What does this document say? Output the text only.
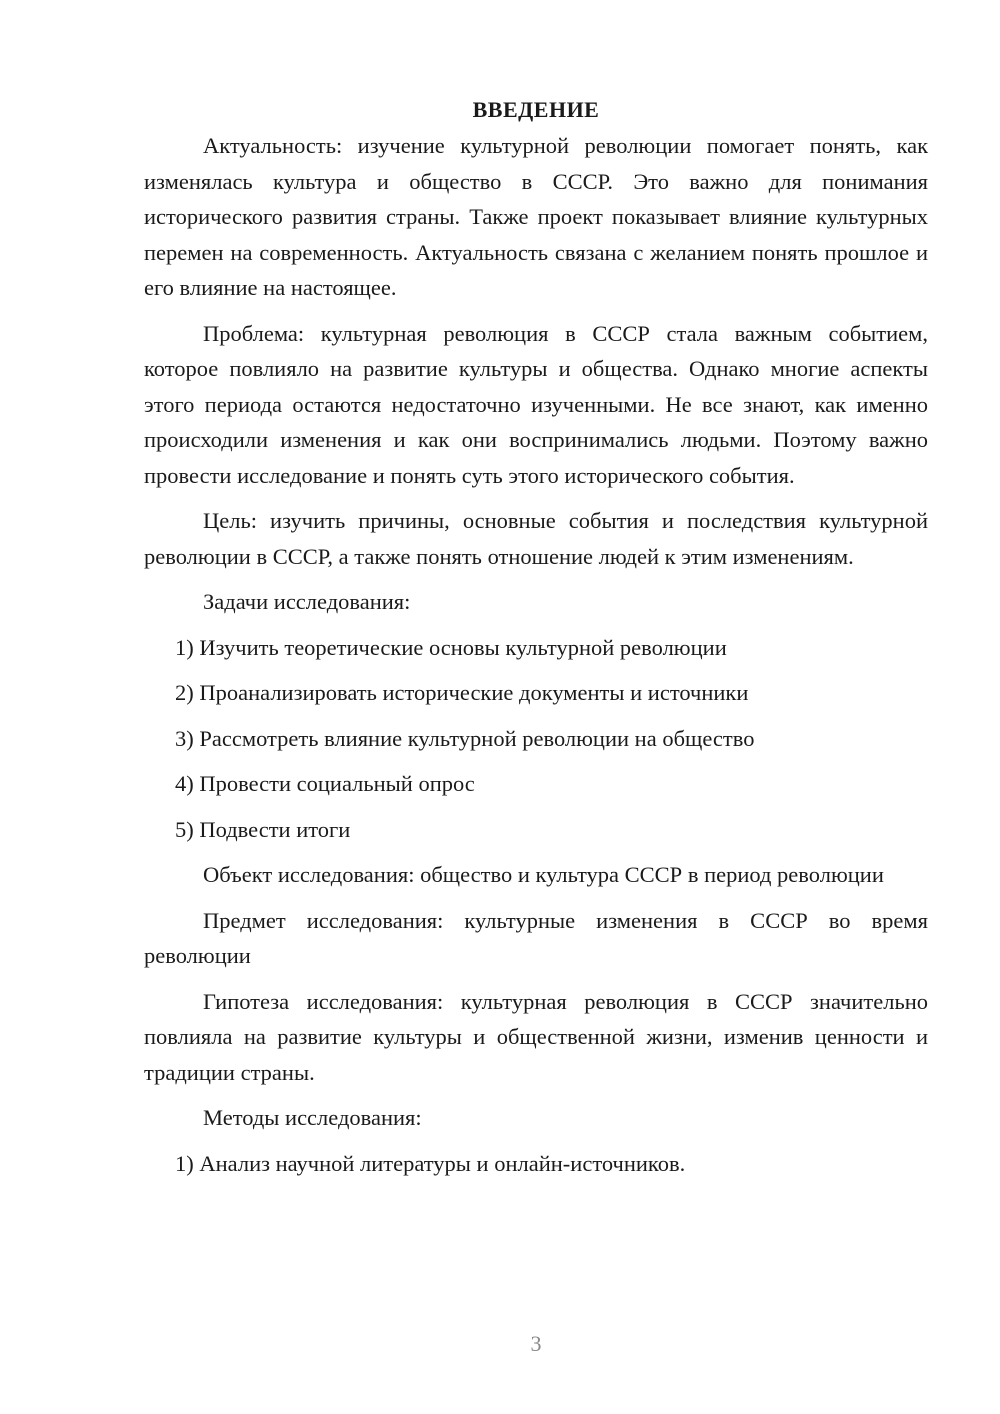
ВВЕДЕНИЕ

Актуальность: изучение культурной революции помогает понять, как изменялась культура и общество в СССР. Это важно для понимания исторического развития страны. Также проект показывает влияние культурных перемен на современность. Актуальность связана с желанием понять прошлое и его влияние на настоящее.

Проблема: культурная революция в СССР стала важным событием, которое повлияло на развитие культуры и общества. Однако многие аспекты этого периода остаются недостаточно изученными. Не все знают, как именно происходили изменения и как они воспринимались людьми. Поэтому важно провести исследование и понять суть этого исторического события.

Цель: изучить причины, основные события и последствия культурной революции в СССР, а также понять отношение людей к этим изменениям.

Задачи исследования:

1) Изучить теоретические основы культурной революции
2) Проанализировать исторические документы и источники
3) Рассмотреть влияние культурной революции на общество
4) Провести социальный опрос
5) Подвести итоги

Объект исследования: общество и культура СССР в период революции

Предмет исследования: культурные изменения в СССР во время революции

Гипотеза исследования: культурная революция в СССР значительно повлияла на развитие культуры и общественной жизни, изменив ценности и традиции страны.

Методы исследования:

1) Анализ научной литературы и онлайн-источников.
3
